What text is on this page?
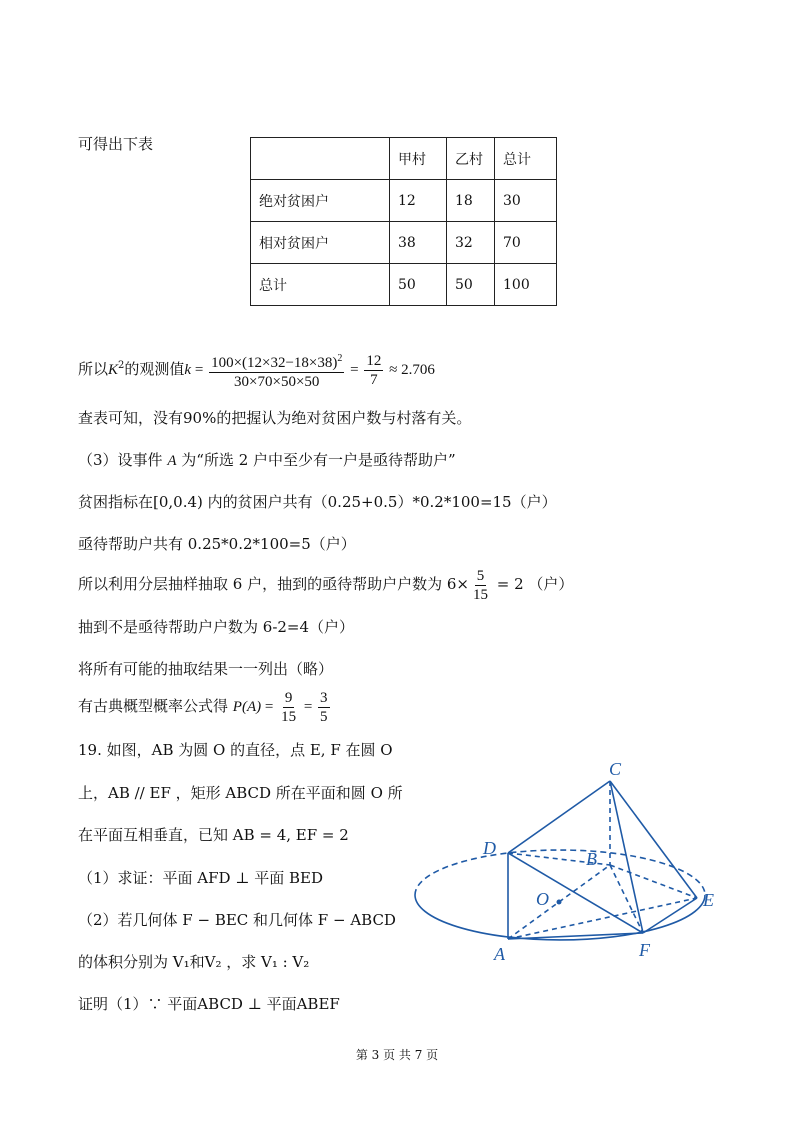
可得出下表
	甲村	乙村	总计
绝对贫困户	12	18	30
相对贫困户	38	32	70
总计	50	50	100
所以$K^2$的观测值$k = \frac{100\times(12\times 32-18\times 38)^2}{30\times 70\times 50\times 50} = \frac{12}{7} \approx 2.706$
查表可知，没有90%的把握认为绝对贫困户数与村落有关。
（3）设事件 A 为“所选 2 户中至少有一户是亟待帮助户”
贫困指标在[0,0.4) 内的贫困户共有（0.25+0.5）*0.2*100=15（户）
亟待帮助户共有 0.25*0.2*100=5（户）
所以利用分层抽样抽取 6 户，抽到的亟待帮助户户数为 $6\times \frac{5}{15} = 2$ （户）
抽到不是亟待帮助户户数为 6-2=4（户）
将所有可能的抽取结果一一列出（略）
有古典概型概率公式得 $P(A) = \frac{9}{15} = \frac{3}{5}$
19. 如图，AB 为圆 O 的直径，点 E, F 在圆 O
上，AB // EF ，矩形 ABCD 所在平面和圆 O 所
在平面互相垂直，已知 AB = 4, EF = 2
（1）求证：平面 AFD ⊥ 平面 BED
（2）若几何体 F − BEC 和几何体 F − ABCD
的体积分别为 V₁和V₂ ，求 V₁ : V₂
证明（1）∵ 平面ABCD ⊥ 平面ABEF
C
D
B
O	E
A	F
第 3 页 共 7 页
